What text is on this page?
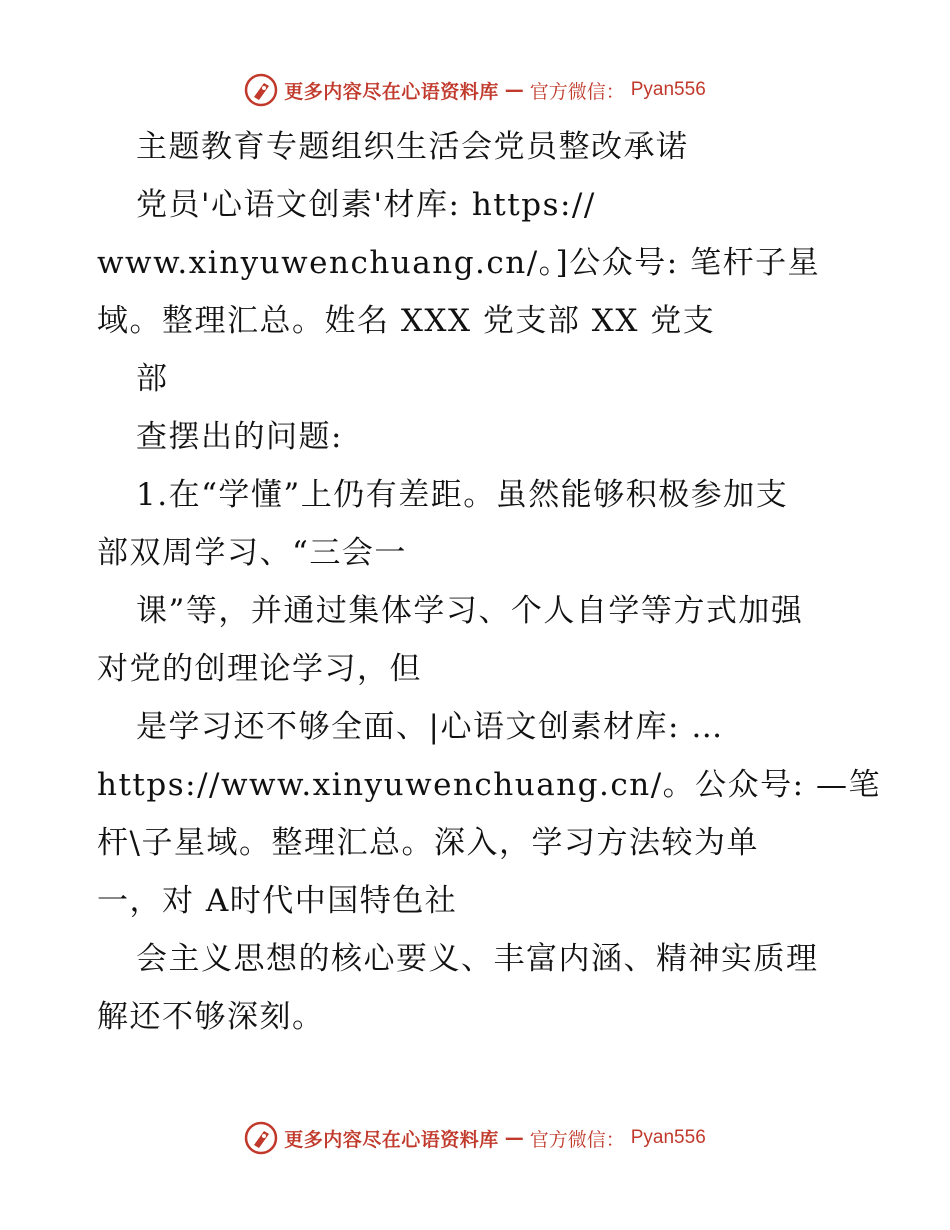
更多内容尽在心语资料库 — 官方微信： Pyan556
主题教育专题组织生活会党员整改承诺
党员'心语文创素'材库: https://
www.xinyuwenchuang.cn/。]公众号: 笔杆子星
域。整理汇总。姓名 XXX 党支部 XX 党支
部
查摆出的问题:
1.在“学懂”上仍有差距。虽然能够积极参加支
部双周学习、“三会一
课”等，并通过集体学习、个人自学等方式加强
对党的创理论学习，但
是学习还不够全面、|心语文创素材库: …
https://www.xinyuwenchuang.cn/。公众号: —笔
杆\子星域。整理汇总。深入，学习方法较为单
一，对 A时代中国特色社
会主义思想的核心要义、丰富内涵、精神实质理
解还不够深刻。
更多内容尽在心语资料库 — 官方微信： Pyan556
